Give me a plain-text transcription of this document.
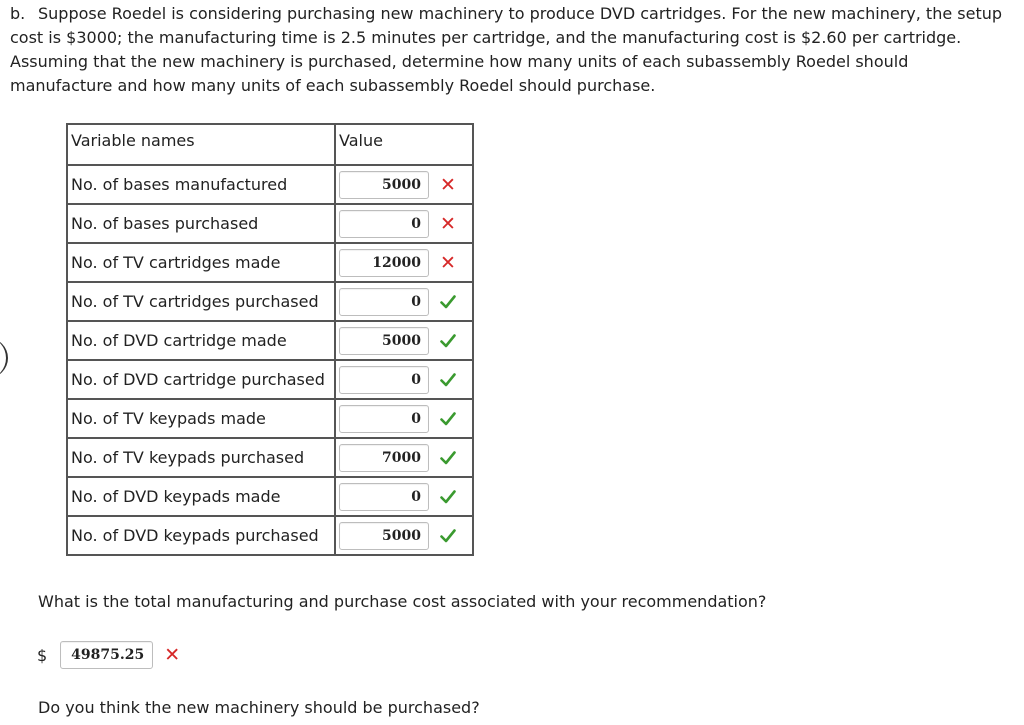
b. Suppose Roedel is considering purchasing new machinery to produce DVD cartridges. For the new machinery, the setup cost is $3000; the manufacturing time is 2.5 minutes per cartridge, and the manufacturing cost is $2.60 per cartridge. Assuming that the new machinery is purchased, determine how many units of each subassembly Roedel should manufacture and how many units of each subassembly Roedel should purchase.
Variable names	Value
No. of bases manufactured	
5000✕

No. of bases purchased	
0✕

No. of TV cartridges made	
12000✕

No. of TV cartridges purchased	
0

No. of DVD cartridge made	
5000

No. of DVD cartridge purchased	
0

No. of TV keypads made	
0

No. of TV keypads purchased	
7000

No. of DVD keypads made	
0

No. of DVD keypads purchased	
5000
What is the total manufacturing and purchase cost associated with your recommendation?
$
49875.25	✕
Do you think the new machinery should be purchased?
